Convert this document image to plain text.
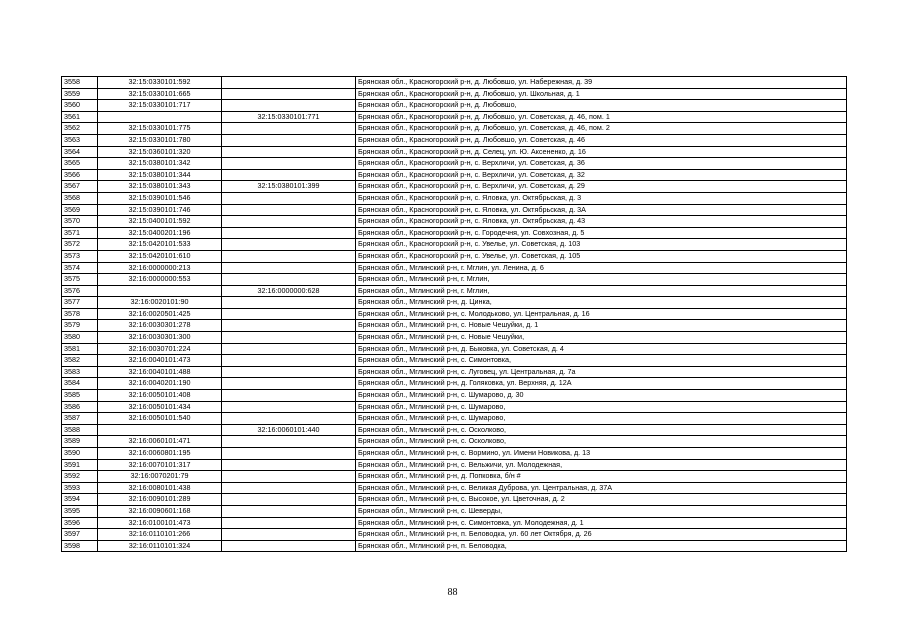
3558	32:15:0330101:592		Брянская обл., Красногорский р-н, д. Любовшо, ул. Набережная, д. 39
3559	32:15:0330101:665		Брянская обл., Красногорский р-н, д. Любовшо, ул. Школьная, д. 1
3560	32:15:0330101:717		Брянская обл., Красногорский р-н, д. Любовшо,
3561		32:15:0330101:771	Брянская обл., Красногорский р-н, д. Любовшо, ул. Советская, д. 46, пом. 1
3562	32:15:0330101:775		Брянская обл., Красногорский р-н, д. Любовшо, ул. Советская, д. 46, пом. 2
3563	32:15:0330101:780		Брянская обл., Красногорский р-н, д. Любовшо, ул. Советская, д. 46
3564	32:15:0360101:320		Брянская обл., Красногорский р-н, д. Селец, ул. Ю. Аксененко, д. 16
3565	32:15:0380101:342		Брянская обл., Красногорский р-н, с. Верхличи, ул. Советская, д. 36
3566	32:15:0380101:344		Брянская обл., Красногорский р-н, с. Верхличи, ул. Советская, д. 32
3567	32:15:0380101:343	32:15:0380101:399	Брянская обл., Красногорский р-н, с. Верхличи, ул. Советская, д. 29
3568	32:15:0390101:546		Брянская обл., Красногорский р-н, с. Яловка, ул. Октябрьская, д. 3
3569	32:15:0390101:746		Брянская обл., Красногорский р-н, с. Яловка, ул. Октябрьская, д. 3А
3570	32:15:0400101:592		Брянская обл., Красногорский р-н, с. Яловка, ул. Октябрьская, д. 43
3571	32:15:0400201:196		Брянская обл., Красногорский р-н, с. Городечня, ул. Совхозная, д. 5
3572	32:15:0420101:533		Брянская обл., Красногорский р-н, с. Увелье, ул. Советская, д. 103
3573	32:15:0420101:610		Брянская обл., Красногорский р-н, с. Увелье, ул. Советская, д. 105
3574	32:16:0000000:213		Брянская обл., Мглинский р-н, г. Мглин, ул. Ленина, д. 6
3575	32:16:0000000:553		Брянская обл., Мглинский р-н, г. Мглин,
3576		32:16:0000000:628	Брянская обл., Мглинский р-н, г. Мглин,
3577	32:16:0020101:90		Брянская обл., Мглинский р-н, д. Цинка,
3578	32:16:0020501:425		Брянская обл., Мглинский р-н, с. Молодьково, ул. Центральная, д. 16
3579	32:16:0030301:278		Брянская обл., Мглинский р-н, с. Новые Чешуйки, д. 1
3580	32:16:0030301:300		Брянская обл., Мглинский р-н, с. Новые Чешуйки,
3581	32:16:0030701:224		Брянская обл., Мглинский р-н, д. Быковка, ул. Советская, д. 4
3582	32:16:0040101:473		Брянская обл., Мглинский р-н, с. Симонтовка,
3583	32:16:0040101:488		Брянская обл., Мглинский р-н, с. Луговец, ул. Центральная, д. 7а
3584	32:16:0040201:190		Брянская обл., Мглинский р-н, д. Голяковка, ул. Верхняя, д. 12А
3585	32:16:0050101:408		Брянская обл., Мглинский р-н, с. Шумарово, д. 30
3586	32:16:0050101:434		Брянская обл., Мглинский р-н, с. Шумарово,
3587	32:16:0050101:540		Брянская обл., Мглинский р-н, с. Шумарово,
3588		32:16:0060101:440	Брянская обл., Мглинский р-н, с. Осколково,
3589	32:16:0060101:471		Брянская обл., Мглинский р-н, с. Осколково,
3590	32:16:0060801:195		Брянская обл., Мглинский р-н, с. Вормино, ул. Имени Новикова, д. 13
3591	32:16:0070101:317		Брянская обл., Мглинский р-н, с. Вельжичи, ул. Молодежная,
3592	32:16:0070201:79		Брянская обл., Мглинский р-н, д. Попковка, б/н #
3593	32:16:0080101:438		Брянская обл., Мглинский р-н, с. Великая Дуброва, ул. Центральная, д. 37А
3594	32:16:0090101:289		Брянская обл., Мглинский р-н, с. Высокое, ул. Цветочная, д. 2
3595	32:16:0090601:168		Брянская обл., Мглинский р-н, с. Шеверды,
3596	32:16:0100101:473		Брянская обл., Мглинский р-н, с. Симонтовка, ул. Молодежная, д. 1
3597	32:16:0110101:266		Брянская обл., Мглинский р-н, п. Беловодка, ул. 60 лет Октября, д. 26
3598	32:16:0110101:324		Брянская обл., Мглинский р-н, п. Беловодка,
88
